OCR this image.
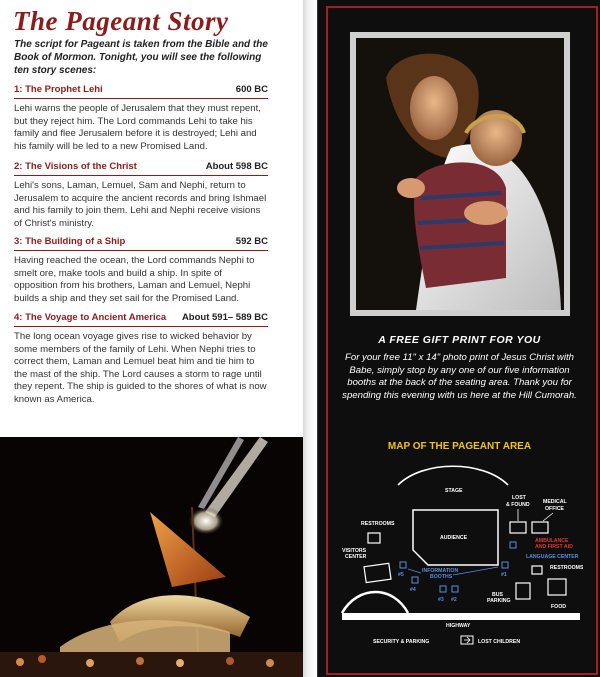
The Pageant Story
The script for Pageant is taken from the Bible and the Book of Mormon. Tonight, you will see the following ten story scenes:
1: The Prophet Lehi	600 BC
Lehi warns the people of Jerusalem that they must repent, but they reject him. The Lord commands Lehi to take his family and flee Jerusalem before it is destroyed; Lehi and his family will be led to a new Promised Land.
2: The Visions of the Christ	About 598 BC
Lehi's sons, Laman, Lemuel, Sam and Nephi, return to Jerusalem to acquire the ancient records and bring Ishmael and his family to join them. Lehi and Nephi receive visions of Christ's ministry.
3: The Building of a Ship	592 BC
Having reached the ocean, the Lord commands Nephi to smelt ore, make tools and build a ship. In spite of opposition from his brothers, Laman and Lemuel, Nephi builds a ship and they set sail for the Promised Land.
4: The Voyage to Ancient America About 591– 589 BC
The long ocean voyage gives rise to wicked behavior by some members of the family of Lehi. When Nephi tries to correct them, Laman and Lemuel beat him and tie him to the mast of the ship. The Lord causes a storm to rage until they repent. The ship is guided to the shores of what is now known as America.
A FREE GIFT PRINT FOR YOU
For your free 11" x 14" photo print of Jesus Christ with Babe, simply stop by any one of our five information booths at the back of the seating area. Thank you for spending this evening with us here at the Hill Cumorah.
MAP OF THE PAGEANT AREA
STAGE
AUDIENCE
LOST
& FOUND	MEDICAL
OFFICE
AMBULANCE
AND FIRST AID
LANGUAGE CENTER
RESTROOMS
VISITORS
CENTER
INFORMATION
BOOTHS
#5
#4
#3 #2
#1
RESTROOMS
BUS
PARKING
FOOD
HIGHWAY
SECURITY & PARKING	LOST CHILDREN
